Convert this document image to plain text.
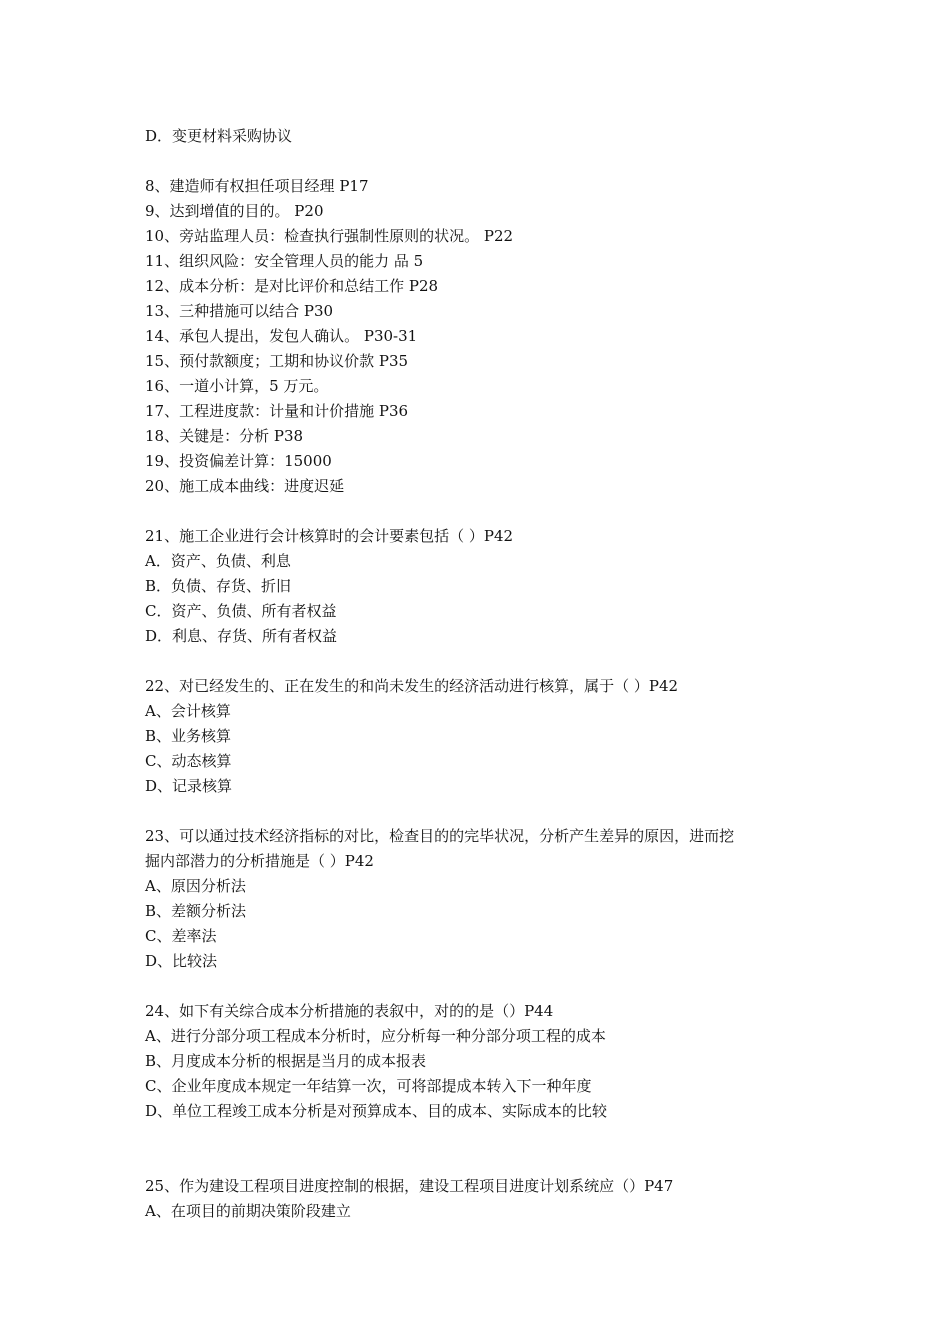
D．变更材料采购协议
8、建造师有权担任项目经理 P17
9、达到增值的目的。 P20
10、旁站监理人员：检查执行强制性原则的状况。 P22
11、组织风险：安全管理人员的能力 品 5
12、成本分析：是对比评价和总结工作 P28
13、三种措施可以结合 P30
14、承包人提出，发包人确认。 P30-31
15、预付款额度；工期和协议价款 P35
16、一道小计算，5 万元。
17、工程进度款：计量和计价措施 P36
18、关键是：分析 P38
19、投资偏差计算：15000
20、施工成本曲线：进度迟延
21、施工企业进行会计核算时的会计要素包括（ ）P42
A．资产、负债、利息
B．负债、存货、折旧
C．资产、负债、所有者权益
D．利息、存货、所有者权益
22、对已经发生的、正在发生的和尚未发生的经济活动进行核算，属于（ ）P42
A、会计核算
B、业务核算
C、动态核算
D、记录核算
23、可以通过技术经济指标的对比，检查目的的完毕状况，分析产生差异的原因，进而挖
掘内部潜力的分析措施是（ ）P42
A、原因分析法
B、差额分析法
C、差率法
D、比较法
24、如下有关综合成本分析措施的表叙中，对的的是（）P44
A、进行分部分项工程成本分析时，应分析每一种分部分项工程的成本
B、月度成本分析的根据是当月的成本报表
C、企业年度成本规定一年结算一次，可将部提成本转入下一种年度
D、单位工程竣工成本分析是对预算成本、目的成本、实际成本的比较
25、作为建设工程项目进度控制的根据，建设工程项目进度计划系统应（）P47
A、在项目的前期决策阶段建立
